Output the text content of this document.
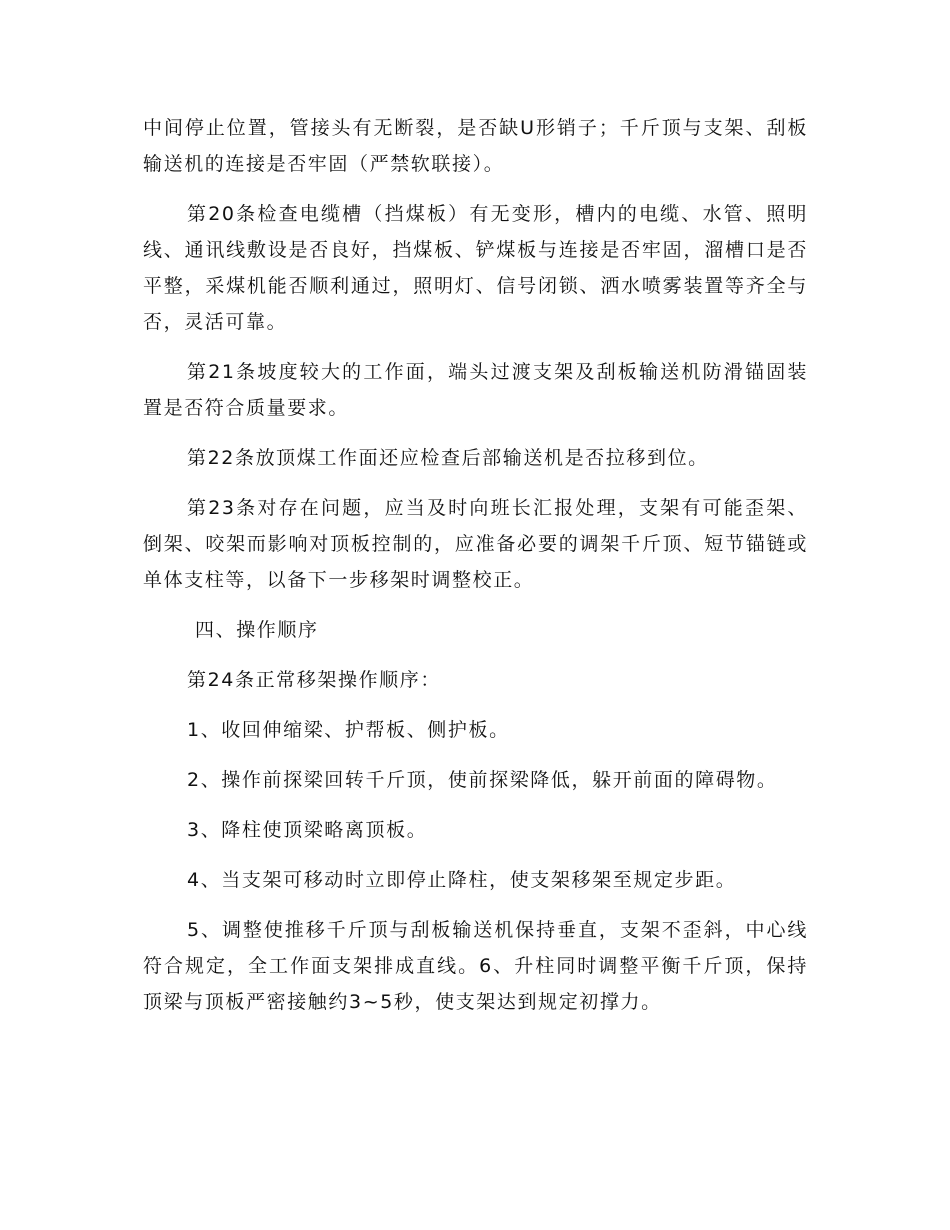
中间停止位置，管接头有无断裂，是否缺U形销子；千斤顶与支架、刮板输送机的连接是否牢固（严禁软联接）。

第20条检查电缆槽（挡煤板）有无变形，槽内的电缆、水管、照明线、通讯线敷设是否良好，挡煤板、铲煤板与连接是否牢固，溜槽口是否平整，采煤机能否顺利通过，照明灯、信号闭锁、洒水喷雾装置等齐全与否，灵活可靠。

第21条坡度较大的工作面，端头过渡支架及刮板输送机防滑锚固装置是否符合质量要求。

第22条放顶煤工作面还应检查后部输送机是否拉移到位。

第23条对存在问题，应当及时向班长汇报处理，支架有可能歪架、倒架、咬架而影响对顶板控制的，应准备必要的调架千斤顶、短节锚链或单体支柱等，以备下一步移架时调整校正。

四、操作顺序

第24条正常移架操作顺序：

1、收回伸缩梁、护帮板、侧护板。

2、操作前探梁回转千斤顶，使前探梁降低，躲开前面的障碍物。

3、降柱使顶梁略离顶板。

4、当支架可移动时立即停止降柱，使支架移架至规定步距。

5、调整使推移千斤顶与刮板输送机保持垂直，支架不歪斜，中心线符合规定，全工作面支架排成直线。6、升柱同时调整平衡千斤顶，保持顶梁与顶板严密接触约3~5秒，使支架达到规定初撑力。
